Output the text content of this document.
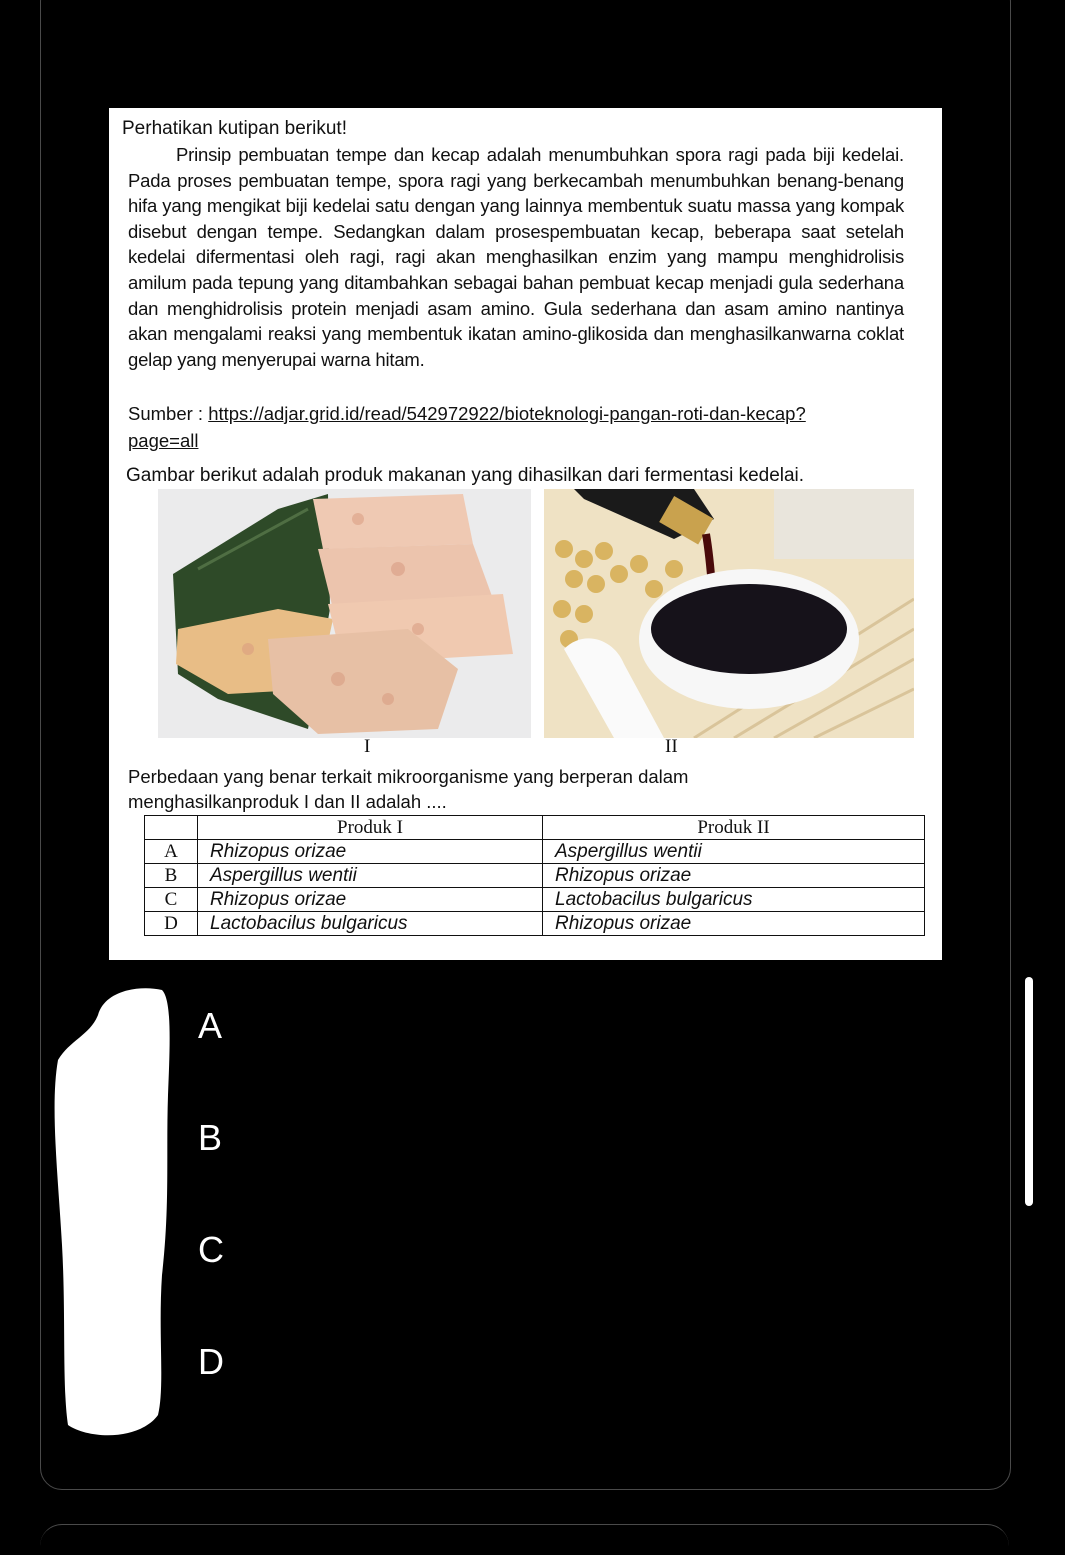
Perhatikan kutipan berikut!

Prinsip pembuatan tempe dan kecap adalah menumbuhkan spora ragi pada biji kedelai. Pada proses pembuatan tempe, spora ragi yang berkecambah menumbuhkan benang-benang hifa yang mengikat biji kedelai satu dengan yang lainnya membentuk suatu massa yang kompak disebut dengan tempe. Sedangkan dalam prosespembuatan kecap, beberapa saat setelah kedelai difermentasi oleh ragi, ragi akan menghasilkan enzim yang mampu menghidrolisis amilum pada tepung yang ditambahkan sebagai bahan pembuat kecap menjadi gula sederhana dan menghidrolisis protein menjadi asam amino. Gula sederhana dan asam amino nantinya akan mengalami reaksi yang membentuk ikatan amino-glikosida dan menghasilkanwarna coklat gelap yang menyerupai warna hitam.

Sumber : https://adjar.grid.id/read/542972922/bioteknologi-pangan-roti-dan-kecap?page=all

Gambar berikut adalah produk makanan yang dihasilkan dari fermentasi kedelai.

I	II

Perbedaan yang benar terkait mikroorganisme yang berperan dalam menghasilkanproduk I dan II adalah ....

	Produk I	Produk II
A	Rhizopus orizae	Aspergillus wentii
B	Aspergillus wentii	Rhizopus orizae
C	Rhizopus orizae	Lactobacilus bulgaricus
D	Lactobacilus bulgaricus	Rhizopus orizae
A
B
C
D
